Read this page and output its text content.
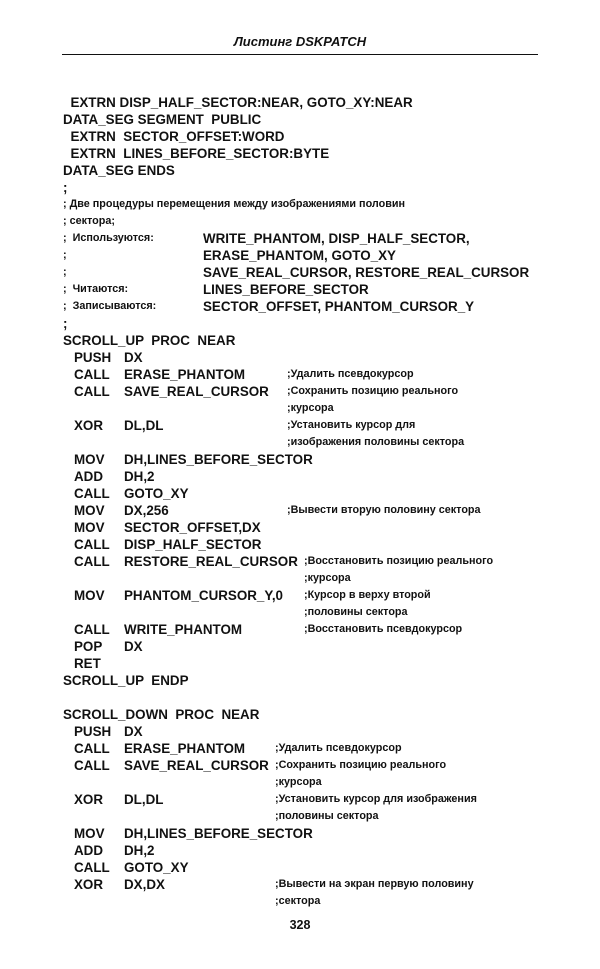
Листинг DSKPATCH
EXTRN DISP_HALF_SECTOR:NEAR, GOTO_XY:NEAR
DATA_SEG SEGMENT  PUBLIC
EXTRN  SECTOR_OFFSET:WORD
EXTRN  LINES_BEFORE_SECTOR:BYTE
DATA_SEG ENDS
;
; Две процедуры перемещения между изображениями половин
; сектора;
;  Используются:	WRITE_PHANTOM, DISP_HALF_SECTOR,
;	ERASE_PHANTOM, GOTO_XY
;	SAVE_REAL_CURSOR, RESTORE_REAL_CURSOR
;  Читаются:	LINES_BEFORE_SECTOR
;  Записываются:	SECTOR_OFFSET, PHANTOM_CURSOR_Y
;
SCROLL_UP  PROC  NEAR
PUSH DX
CALL ERASE_PHANTOM	;Удалить псевдокурсор
CALL SAVE_REAL_CURSOR ;Сохранить позицию реального
;курсора
XOR DL,DL	;Установить курсор для
;изображения половины сектора
MOV DH,LINES_BEFORE_SECTOR
ADD DH,2
CALL GOTO_XY
MOV DX,256	;Вывести вторую половину сектора
MOV SECTOR_OFFSET,DX
CALL DISP_HALF_SECTOR
CALL RESTORE_REAL_CURSOR ;Восстановить позицию реального
;курсора
MOV PHANTOM_CURSOR_Y,0 ;Курсор в верху второй
;половины сектора
CALL WRITE_PHANTOM	;Восстановить псевдокурсор
POP DX
RET
SCROLL_UP  ENDP
SCROLL_DOWN  PROC  NEAR
PUSH DX
CALL ERASE_PHANTOM	;Удалить псевдокурсор
CALL SAVE_REAL_CURSOR ;Сохранить позицию реального
;курсора
XOR DL,DL	;Установить курсор для изображения
;половины сектора
MOV DH,LINES_BEFORE_SECTOR
ADD DH,2
CALL GOTO_XY
XOR DX,DX	;Вывести на экран первую половину
;сектора
328
